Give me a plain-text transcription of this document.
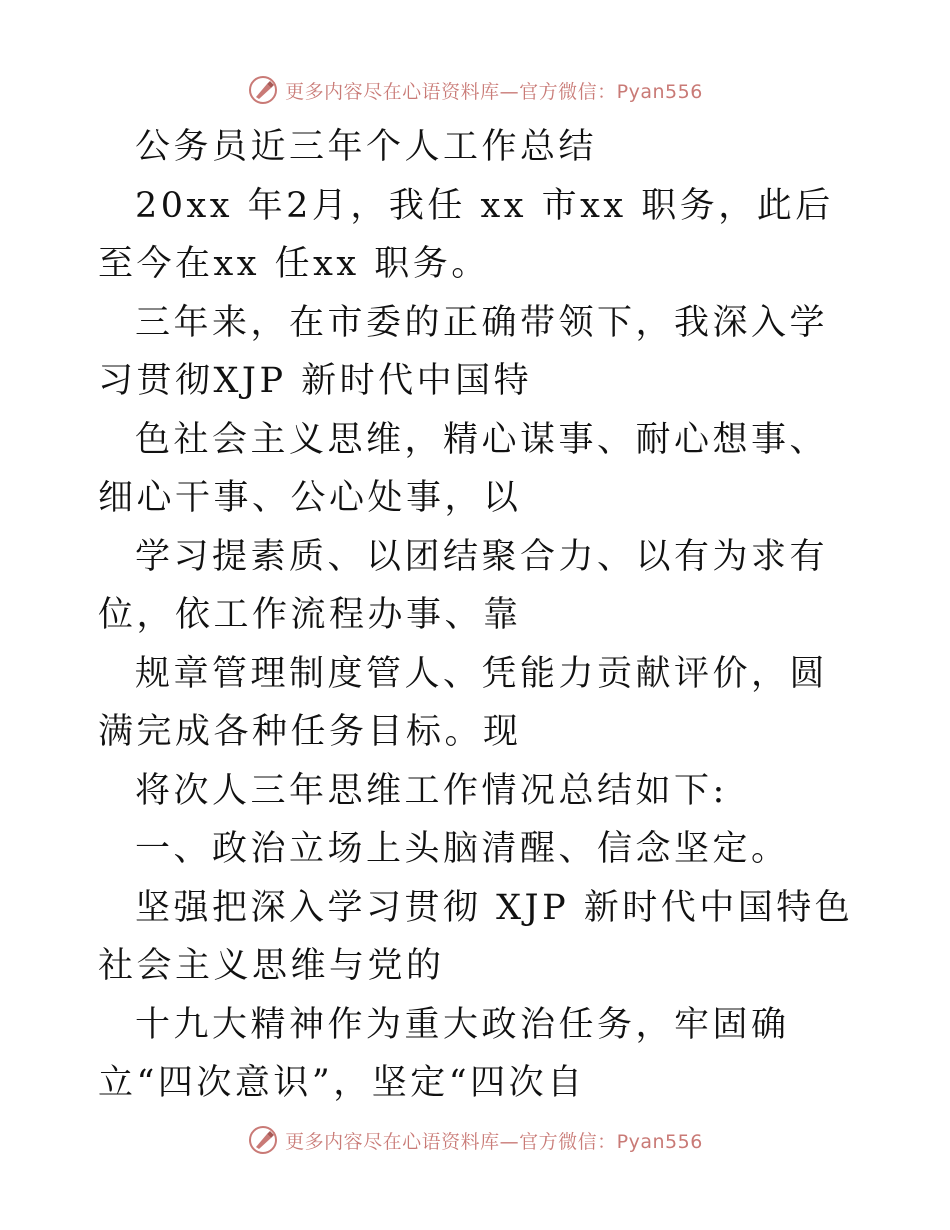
更多内容尽在心语资料库—官方微信：Pyan556

公务员近三年个人工作总结

20xx 年2月，我任 xx 市xx 职务，此后至今在xx 任xx 职务。

三年来，在市委的正确带领下，我深入学习贯彻XJP 新时代中国特

色社会主义思维，精心谋事、耐心想事、细心干事、公心处事，以

学习提素质、以团结聚合力、以有为求有位，依工作流程办事、靠

规章管理制度管人、凭能力贡献评价，圆满完成各种任务目标。现

将次人三年思维工作情况总结如下:

一、政治立场上头脑清醒、信念坚定。

坚强把深入学习贯彻 XJP 新时代中国特色社会主义思维与党的

十九大精神作为重大政治任务，牢固确立“四次意识”，坚定“四次自

更多内容尽在心语资料库—官方微信：Pyan556
